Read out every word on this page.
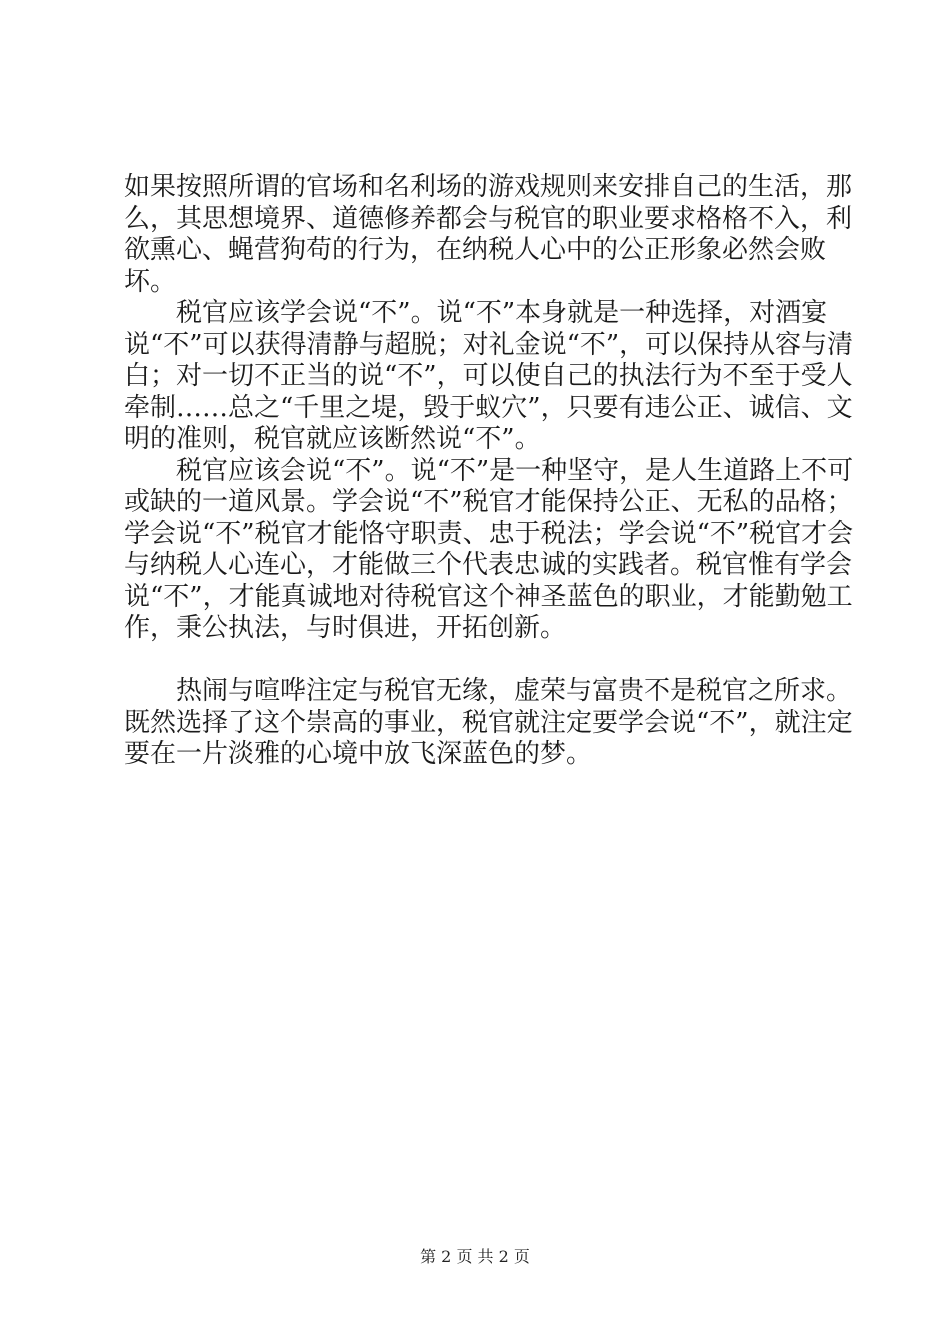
如果按照所谓的官场和名利场的游戏规则来安排自己的生活，那么，其思想境界、道德修养都会与税官的职业要求格格不入，利欲熏心、蝇营狗苟的行为，在纳税人心中的公正形象必然会败坏。

　　税官应该学会说“不”。说“不”本身就是一种选择，对酒宴说“不”可以获得清静与超脱；对礼金说“不”，可以保持从容与清白；对一切不正当的说“不”，可以使自己的执法行为不至于受人牵制……总之“千里之堤，毁于蚁穴”，只要有违公正、诚信、文明的准则，税官就应该断然说“不”。

　　税官应该会说“不”。说“不”是一种坚守，是人生道路上不可或缺的一道风景。学会说“不”税官才能保持公正、无私的品格；学会说“不”税官才能恪守职责、忠于税法；学会说“不”税官才会与纳税人心连心，才能做三个代表忠诚的实践者。税官惟有学会说“不”，才能真诚地对待税官这个神圣蓝色的职业，才能勤勉工作，秉公执法，与时俱进，开拓创新。

　　热闹与喧哗注定与税官无缘，虚荣与富贵不是税官之所求。既然选择了这个崇高的事业，税官就注定要学会说“不”，就注定要在一片淡雅的心境中放飞深蓝色的梦。

第 2 页 共 2 页
